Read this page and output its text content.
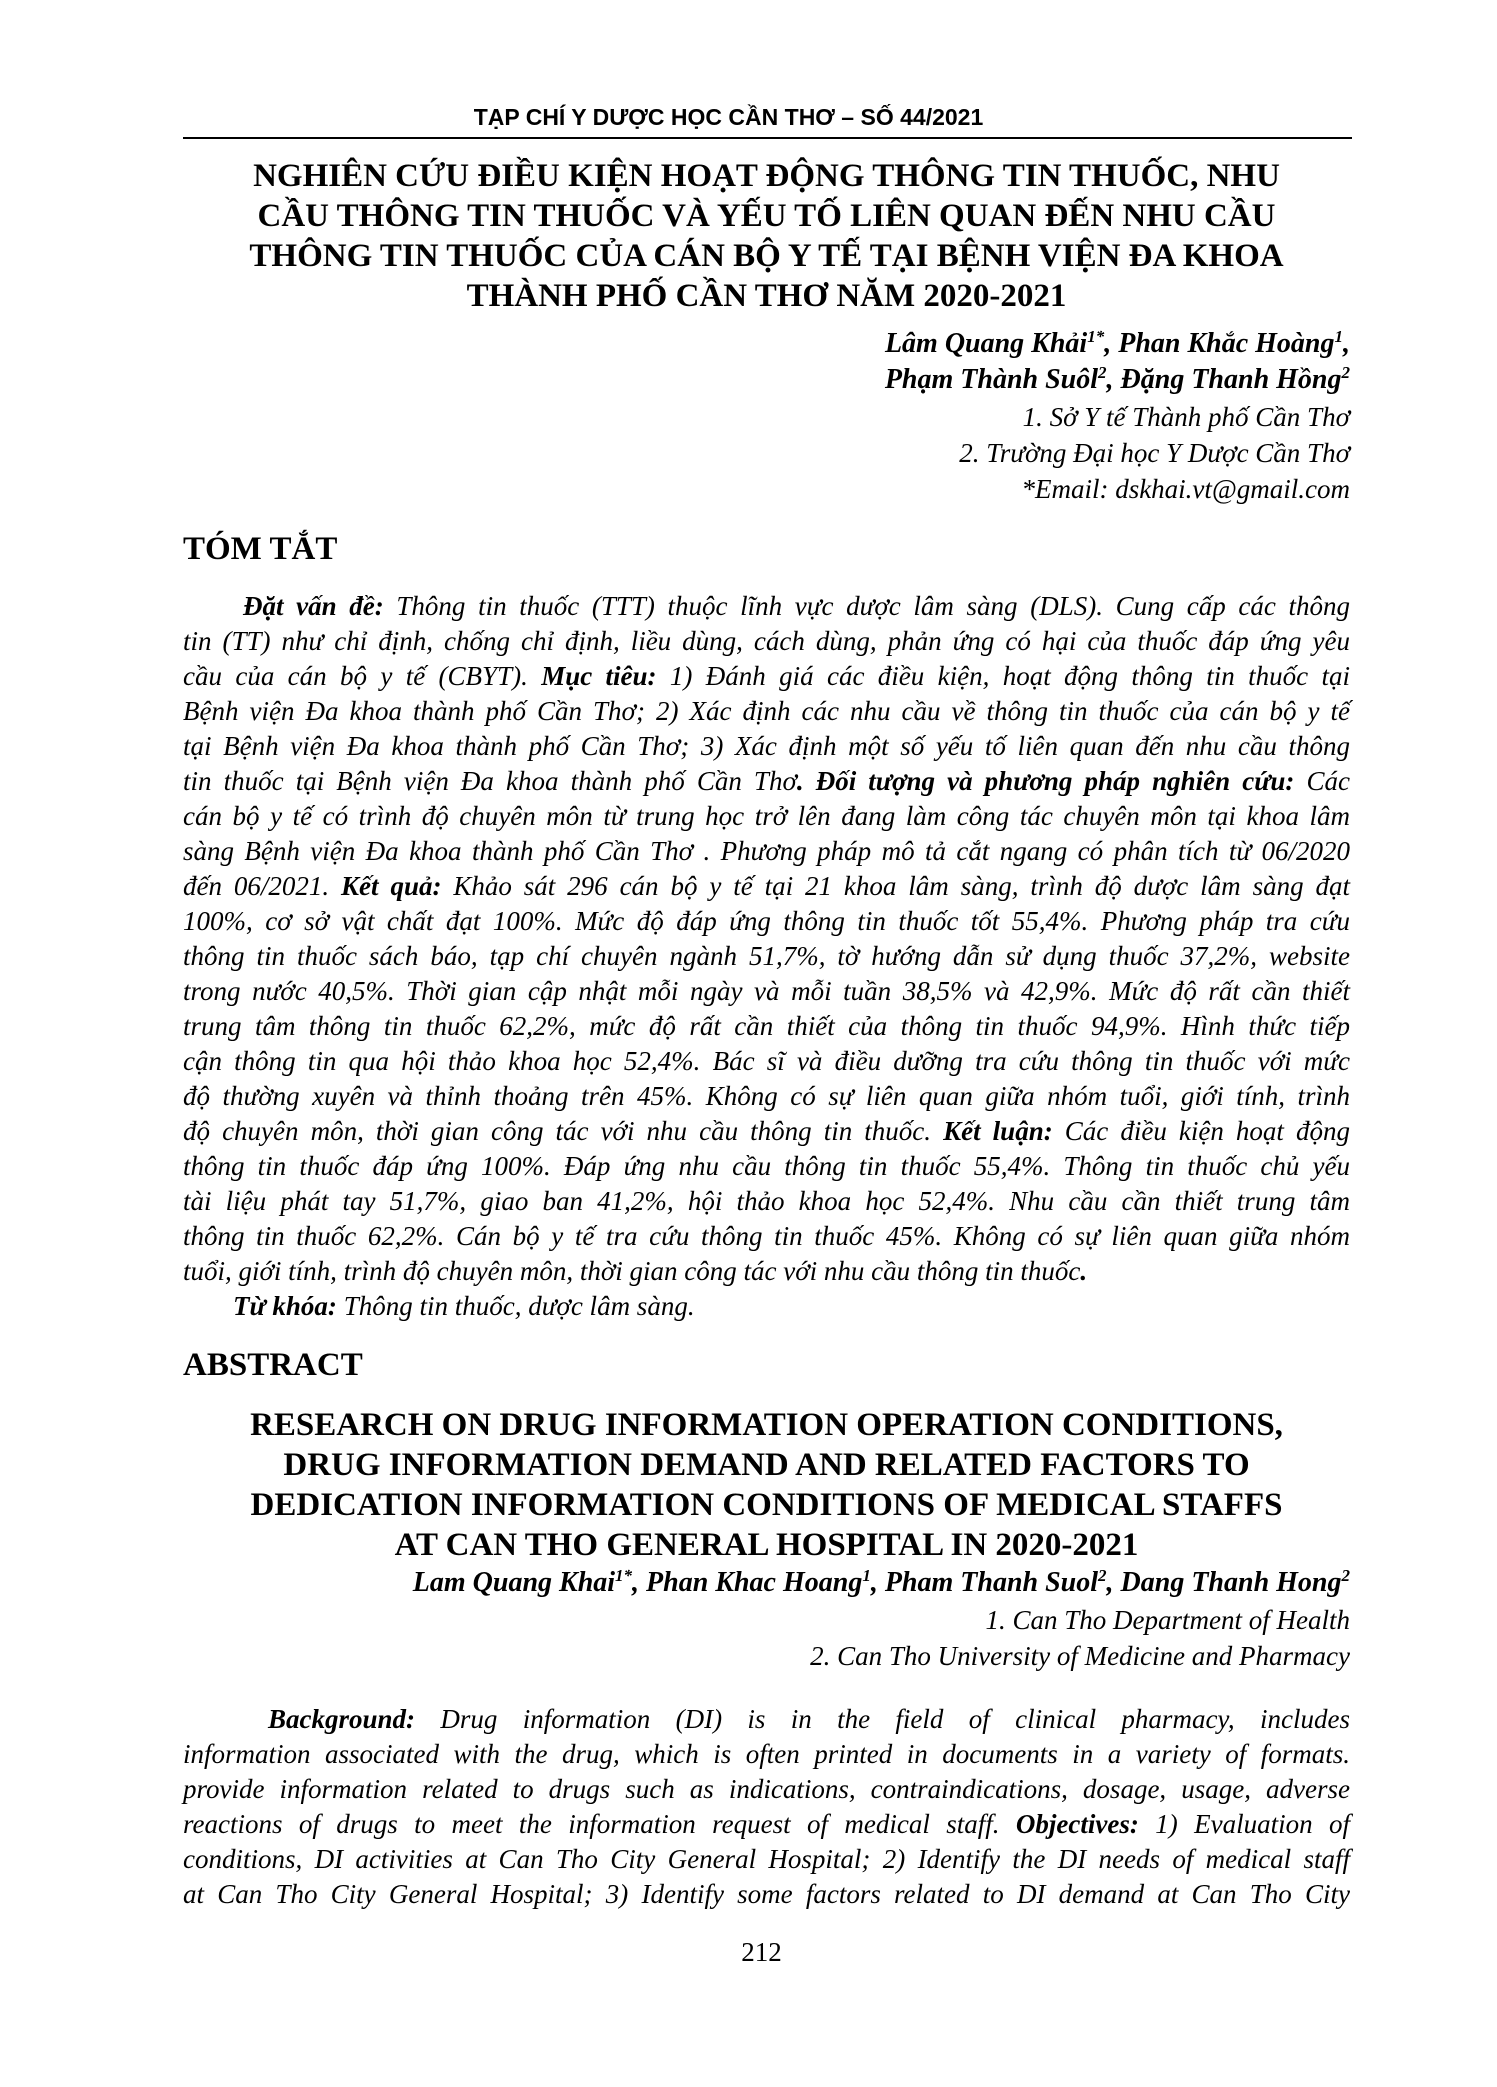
TẠP CHÍ Y DƯỢC HỌC CẦN THƠ – SỐ 44/2021
NGHIÊN CỨU ĐIỀU KIỆN HOẠT ĐỘNG THÔNG TIN THUỐC, NHU
CẦU THÔNG TIN THUỐC VÀ YẾU TỐ LIÊN QUAN ĐẾN NHU CẦU
THÔNG TIN THUỐC CỦA CÁN BỘ Y TẾ TẠI BỆNH VIỆN ĐA KHOA
THÀNH PHỐ CẦN THƠ NĂM 2020-2021
Lâm Quang Khải$^{1*}$, Phan Khắc Hoàng$^1$,
Phạm Thành Suôl$^2$, Đặng Thanh Hồng$^2$
1. Sở Y tế Thành phố Cần Thơ
2. Trường Đại học Y Dược Cần Thơ
*Email: dskhai.vt@gmail.com
TÓM TẮT
Đặt vấn đề: Thông tin thuốc (TTT) thuộc lĩnh vực dược lâm sàng (DLS). Cung cấp các thông
tin (TT) như chỉ định, chống chỉ định, liều dùng, cách dùng, phản ứng có hại của thuốc đáp ứng yêu
cầu của cán bộ y tế (CBYT). Mục tiêu: 1) Đánh giá các điều kiện, hoạt động thông tin thuốc tại
Bệnh viện Đa khoa thành phố Cần Thơ; 2) Xác định các nhu cầu về thông tin thuốc của cán bộ y tế
tại Bệnh viện Đa khoa thành phố Cần Thơ; 3) Xác định một số yếu tố liên quan đến nhu cầu thông
tin thuốc tại Bệnh viện Đa khoa thành phố Cần Thơ. Đối tượng và phương pháp nghiên cứu: Các
cán bộ y tế có trình độ chuyên môn từ trung học trở lên đang làm công tác chuyên môn tại khoa lâm
sàng Bệnh viện Đa khoa thành phố Cần Thơ . Phương pháp mô tả cắt ngang có phân tích từ 06/2020
đến 06/2021. Kết quả: Khảo sát 296 cán bộ y tế tại 21 khoa lâm sàng, trình độ dược lâm sàng đạt
100%, cơ sở vật chất đạt 100%. Mức độ đáp ứng thông tin thuốc tốt 55,4%. Phương pháp tra cứu
thông tin thuốc sách báo, tạp chí chuyên ngành 51,7%, tờ hướng dẫn sử dụng thuốc 37,2%, website
trong nước 40,5%. Thời gian cập nhật mỗi ngày và mỗi tuần 38,5% và 42,9%. Mức độ rất cần thiết
trung tâm thông tin thuốc 62,2%, mức độ rất cần thiết của thông tin thuốc 94,9%. Hình thức tiếp
cận thông tin qua hội thảo khoa học 52,4%. Bác sĩ và điều dưỡng tra cứu thông tin thuốc với mức
độ thường xuyên và thỉnh thoảng trên 45%. Không có sự liên quan giữa nhóm tuổi, giới tính, trình
độ chuyên môn, thời gian công tác với nhu cầu thông tin thuốc. Kết luận: Các điều kiện hoạt động
thông tin thuốc đáp ứng 100%. Đáp ứng nhu cầu thông tin thuốc 55,4%. Thông tin thuốc chủ yếu
tài liệu phát tay 51,7%, giao ban 41,2%, hội thảo khoa học 52,4%. Nhu cầu cần thiết trung tâm
thông tin thuốc 62,2%. Cán bộ y tế tra cứu thông tin thuốc 45%. Không có sự liên quan giữa nhóm
tuổi, giới tính, trình độ chuyên môn, thời gian công tác với nhu cầu thông tin thuốc.
Từ khóa: Thông tin thuốc, dược lâm sàng.
ABSTRACT
RESEARCH ON DRUG INFORMATION OPERATION CONDITIONS,
DRUG INFORMATION DEMAND AND RELATED FACTORS TO
DEDICATION INFORMATION CONDITIONS OF MEDICAL STAFFS
AT CAN THO GENERAL HOSPITAL IN 2020-2021
Lam Quang Khai$^{1*}$, Phan Khac Hoang$^1$, Pham Thanh Suol$^2$, Dang Thanh Hong$^2$
1. Can Tho Department of Health
2. Can Tho University of Medicine and Pharmacy
Background: Drug information (DI) is in the field of clinical pharmacy, includes
information associated with the drug, which is often printed in documents in a variety of formats.
provide information related to drugs such as indications, contraindications, dosage, usage, adverse
reactions of drugs to meet the information request of medical staff. Objectives: 1) Evaluation of
conditions, DI activities at Can Tho City General Hospital; 2) Identify the DI needs of medical staff
at Can Tho City General Hospital; 3) Identify some factors related to DI demand at Can Tho City
212
